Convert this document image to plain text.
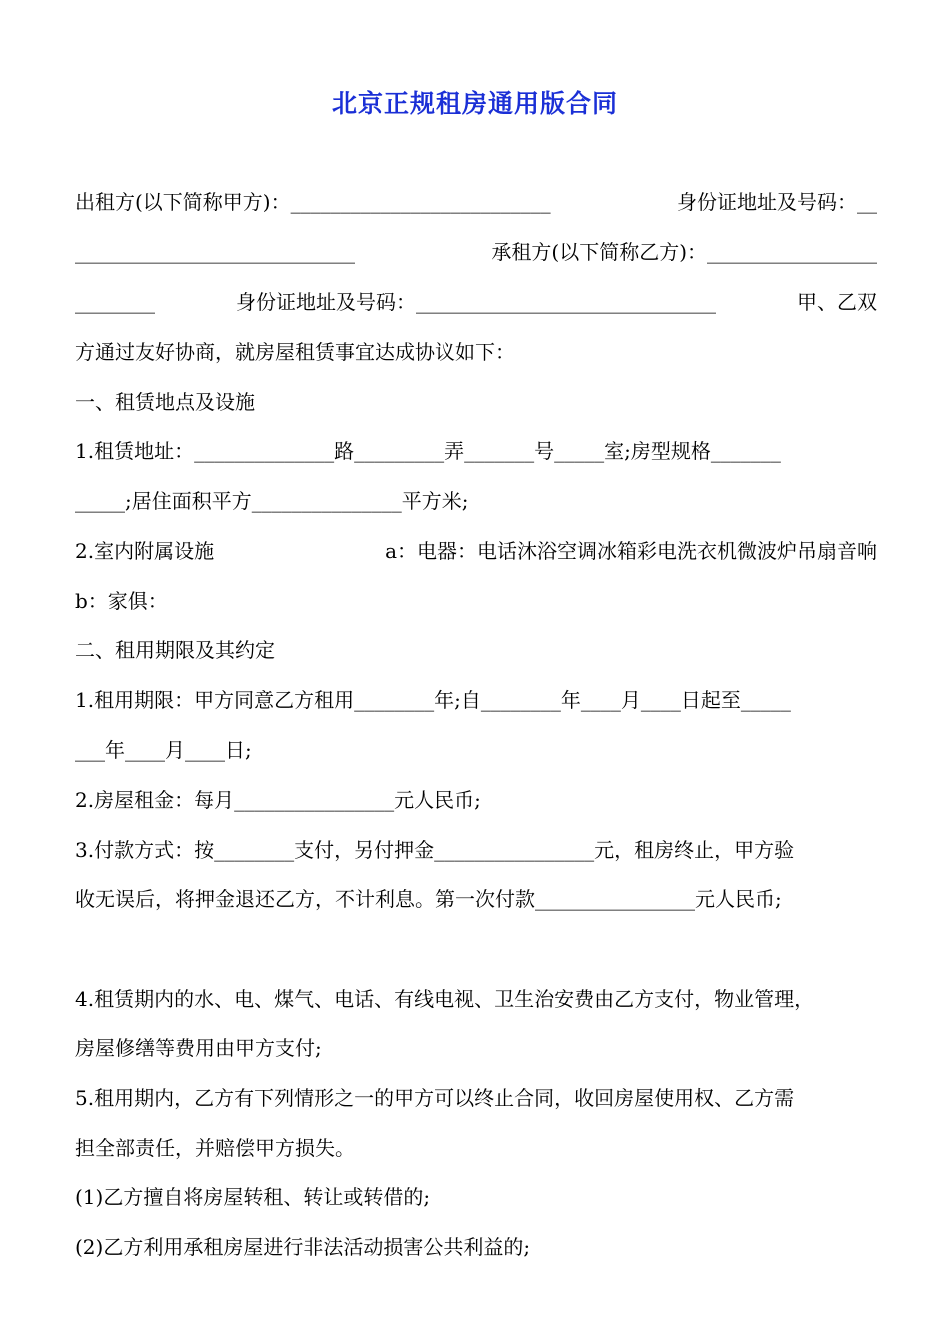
北京正规租房通用版合同
出租方(以下简称甲方)：__________________________	身份证地址及号码：__
____________________________	承租方(以下简称乙方)：_________________
________	身份证地址及号码：______________________________	甲、乙双
方通过友好协商，就房屋租赁事宜达成协议如下：
一、租赁地点及设施
1.租赁地址：______________路_________弄_______号_____室;房型规格_______
_____;居住面积平方_______________平方米;
2.室内附属设施	a：电器：电话沐浴空调冰箱彩电洗衣机微波炉吊扇音响
b：家俱：
二、租用期限及其约定
1.租用期限：甲方同意乙方租用________年;自________年____月____日起至_____
___年____月____日;
2.房屋租金：每月________________元人民币;
3.付款方式：按________支付，另付押金________________元，租房终止，甲方验
收无误后，将押金退还乙方，不计利息。第一次付款________________元人民币;
4.租赁期内的水、电、煤气、电话、有线电视、卫生治安费由乙方支付，物业管理，
房屋修缮等费用由甲方支付;
5.租用期内，乙方有下列情形之一的甲方可以终止合同，收回房屋使用权、乙方需
担全部责任，并赔偿甲方损失。
(1)乙方擅自将房屋转租、转让或转借的;
(2)乙方利用承租房屋进行非法活动损害公共利益的;
